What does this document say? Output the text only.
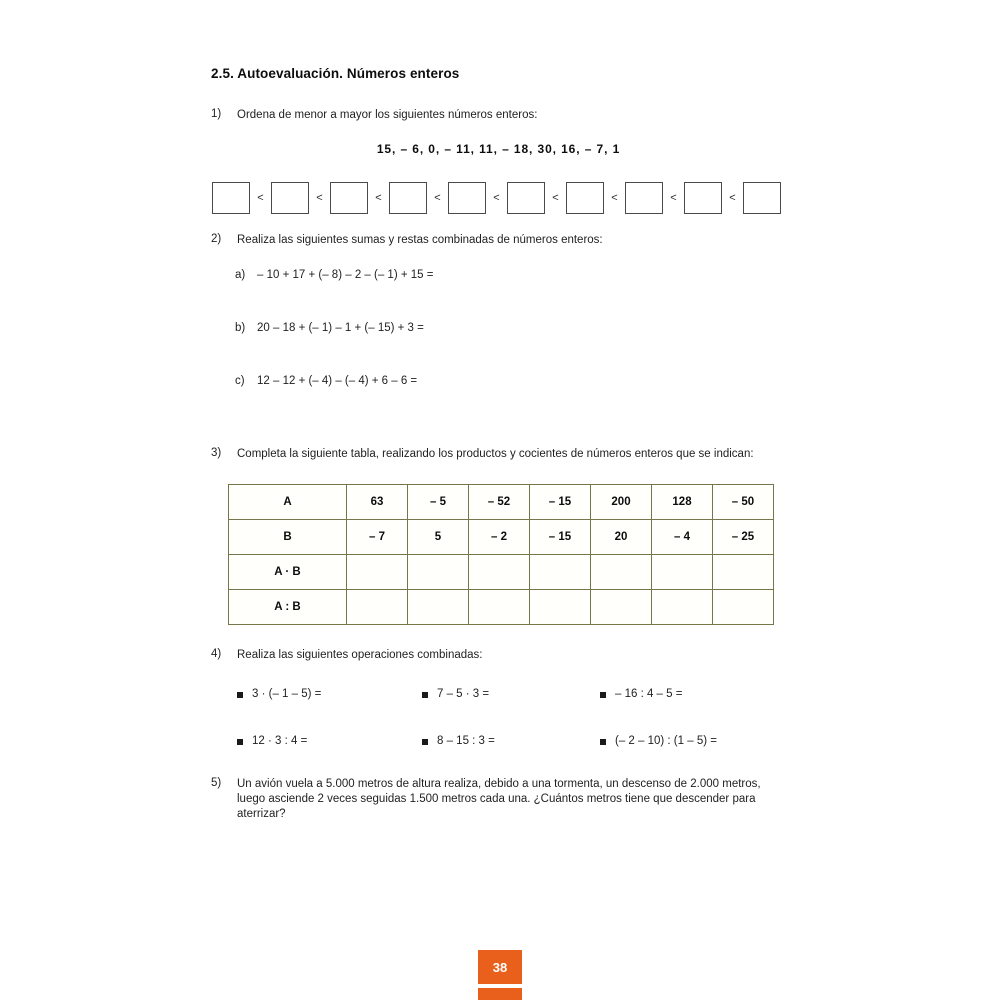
2.5. Autoevaluación. Números enteros
1)	Ordena de menor a mayor los siguientes números enteros:
15, – 6, 0, – 11, 11, – 18, 30, 16, – 7, 1
<	<	<	<	<	<	<	<	<
2)	Realiza las siguientes sumas y restas combinadas de números enteros:
a) – 10 + 17 + (– 8) – 2 – (– 1) + 15 =
b) 20 – 18 + (– 1) – 1 + (– 15) + 3 =
c) 12 – 12 + (– 4) – (– 4) + 6 – 6 =
3)	Completa la siguiente tabla, realizando los productos y cocientes de números enteros que se indican:
A	63	– 5	– 52	– 15	200	128	– 50
B	– 7	5	– 2	– 15	20	– 4	– 25
A · B							
A : B							
4)	Realiza las siguientes operaciones combinadas:
3 · (– 1 – 5) =	7 – 5 · 3 =	– 16 : 4 – 5 =
12 · 3 : 4 =	8 – 15 : 3 =	(– 2 – 10) : (1 – 5) =
5)	Un avión vuela a 5.000 metros de altura realiza, debido a una tormenta, un descenso de 2.000 metros, luego asciende 2 veces seguidas 1.500 metros cada una. ¿Cuántos metros tiene que descender para aterrizar?
38
